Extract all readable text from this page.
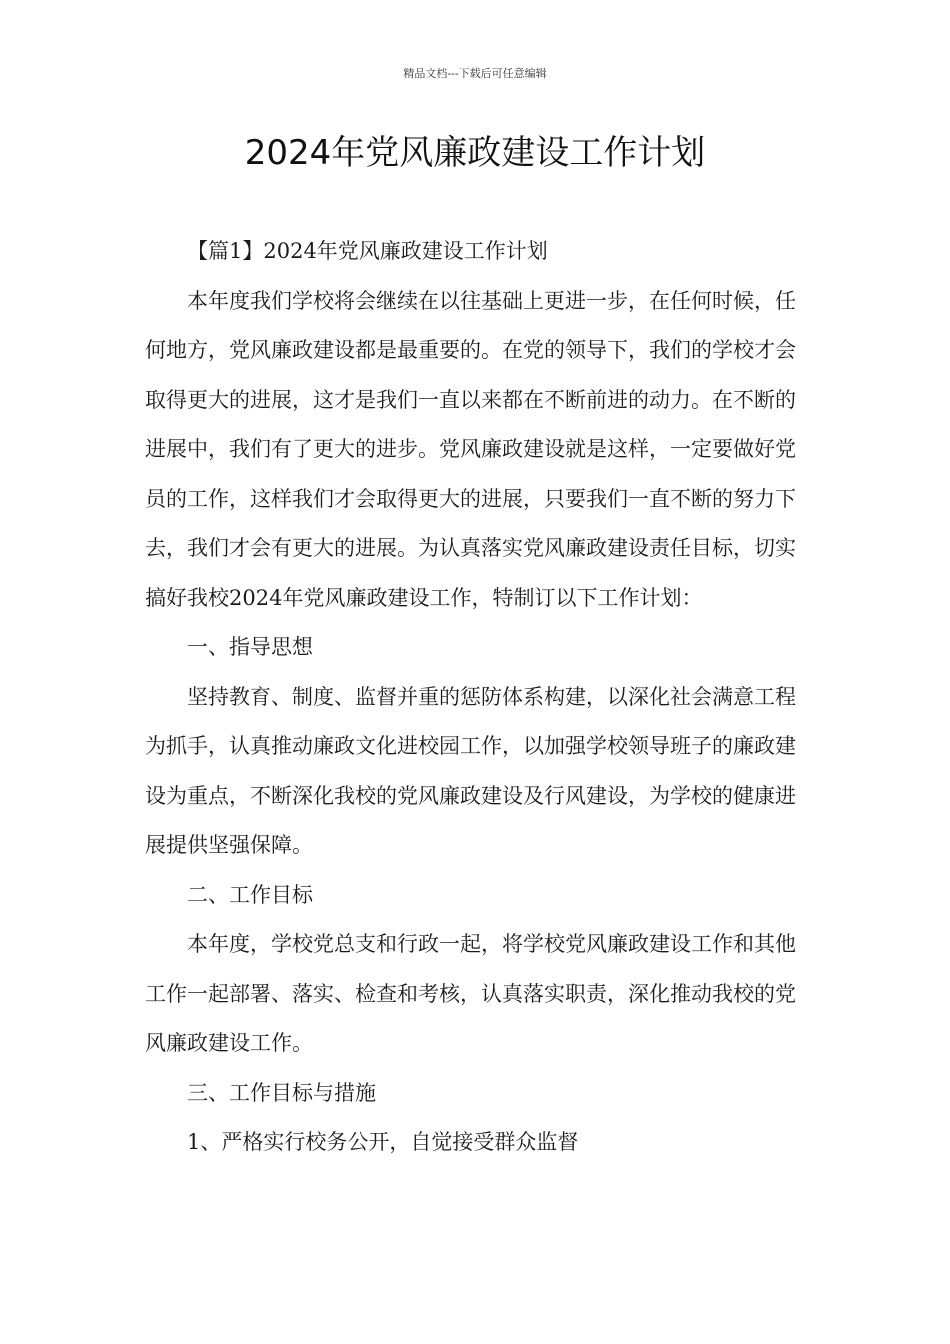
精品文档---下载后可任意编辑
2024年党风廉政建设工作计划

【篇1】2024年党风廉政建设工作计划

本年度我们学校将会继续在以往基础上更进一步，在任何时候，任何地方，党风廉政建设都是最重要的。在党的领导下，我们的学校才会取得更大的进展，这才是我们一直以来都在不断前进的动力。在不断的进展中，我们有了更大的进步。党风廉政建设就是这样，一定要做好党员的工作，这样我们才会取得更大的进展，只要我们一直不断的努力下去，我们才会有更大的进展。为认真落实党风廉政建设责任目标，切实搞好我校2024年党风廉政建设工作，特制订以下工作计划：

一、指导思想

坚持教育、制度、监督并重的惩防体系构建，以深化社会满意工程为抓手，认真推动廉政文化进校园工作，以加强学校领导班子的廉政建设为重点，不断深化我校的党风廉政建设及行风建设，为学校的健康进展提供坚强保障。

二、工作目标

本年度，学校党总支和行政一起，将学校党风廉政建设工作和其他工作一起部署、落实、检查和考核，认真落实职责，深化推动我校的党风廉政建设工作。

三、工作目标与措施

1、严格实行校务公开，自觉接受群众监督
